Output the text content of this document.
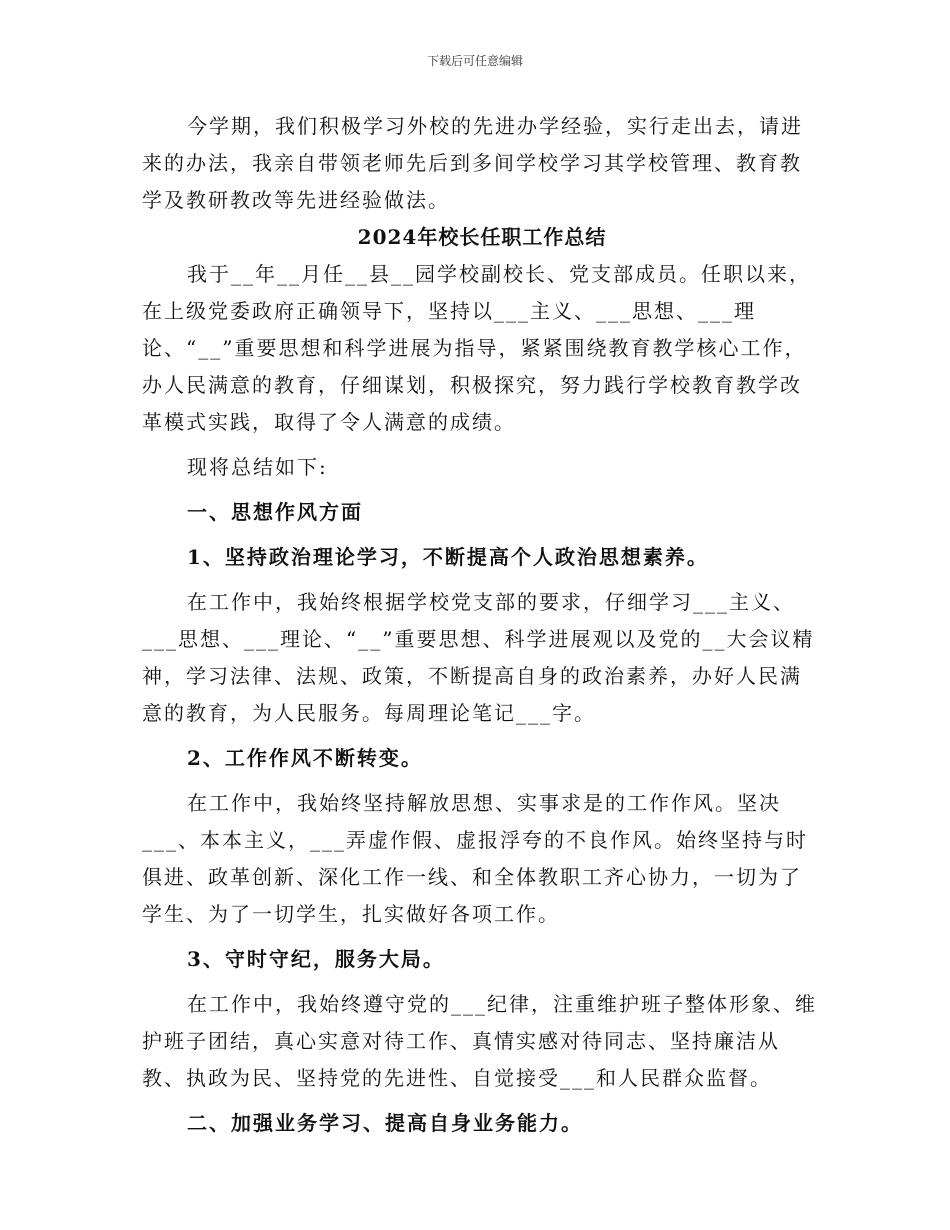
下载后可任意编辑

今学期，我们积极学习外校的先进办学经验，实行走出去，请进来的办法，我亲自带领老师先后到多间学校学习其学校管理、教育教学及教研教改等先进经验做法。

2024年校长任职工作总结

我于__年__月任__县__园学校副校长、党支部成员。任职以来，在上级党委政府正确领导下，坚持以___主义、___思想、___理论、“__”重要思想和科学进展为指导，紧紧围绕教育教学核心工作，办人民满意的教育，仔细谋划，积极探究，努力践行学校教育教学改革模式实践，取得了令人满意的成绩。

现将总结如下:

一、思想作风方面

1、坚持政治理论学习，不断提高个人政治思想素养。

在工作中，我始终根据学校党支部的要求，仔细学习___主义、___思想、___理论、“__”重要思想、科学进展观以及党的__大会议精神，学习法律、法规、政策，不断提高自身的政治素养，办好人民满意的教育，为人民服务。每周理论笔记___字。

2、工作作风不断转变。

在工作中，我始终坚持解放思想、实事求是的工作作风。坚决___、本本主义，___弄虚作假、虚报浮夸的不良作风。始终坚持与时俱进、政革创新、深化工作一线、和全体教职工齐心协力，一切为了学生、为了一切学生，扎实做好各项工作。

3、守时守纪，服务大局。

在工作中，我始终遵守党的___纪律，注重维护班子整体形象、维护班子团结，真心实意对待工作、真情实感对待同志、坚持廉洁从教、执政为民、坚持党的先进性、自觉接受___和人民群众监督。

二、加强业务学习、提高自身业务能力。
